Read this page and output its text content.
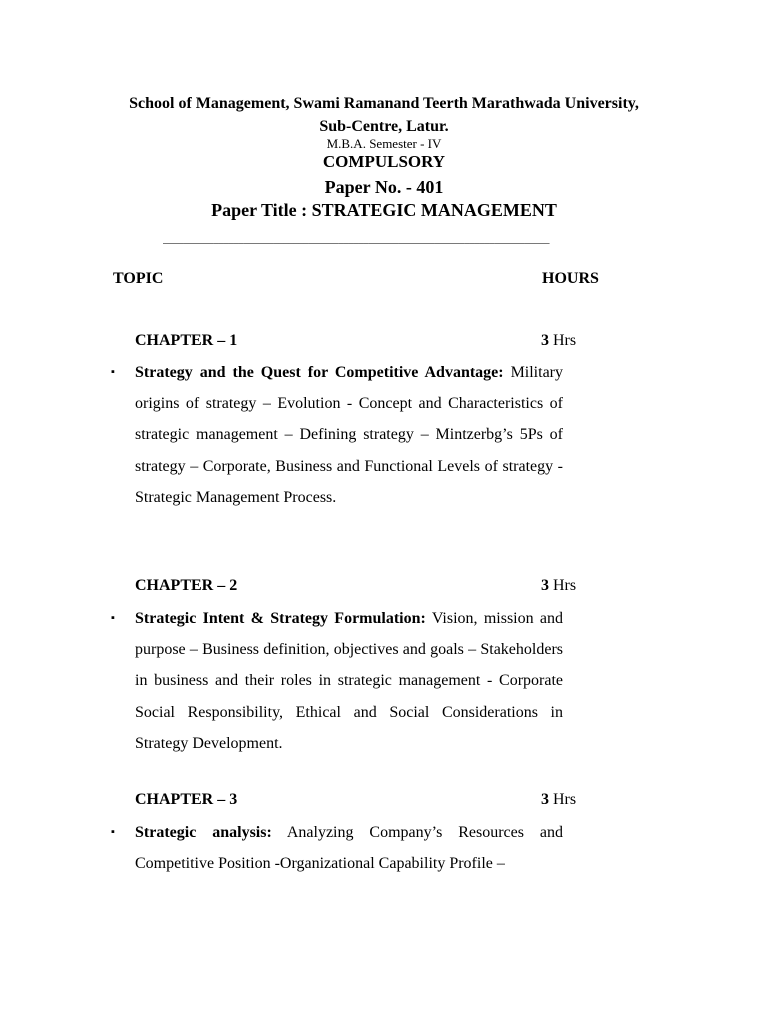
School of Management, Swami Ramanand Teerth Marathwada University,
Sub-Centre, Latur.
M.B.A. Semester - IV
COMPULSORY
Paper No. - 401
Paper Title : STRATEGIC MANAGEMENT
_____________________________________________________________________________
TOPIC	HOURS
CHAPTER – 1	3 Hrs
▪ Strategy and the Quest for Competitive Advantage: Military origins of strategy – Evolution - Concept and Characteristics of strategic management – Defining strategy – Mintzerbg’s 5Ps of strategy – Corporate, Business and Functional Levels of strategy - Strategic Management Process.
CHAPTER – 2	3 Hrs
▪ Strategic Intent & Strategy Formulation: Vision, mission and purpose – Business definition, objectives and goals – Stakeholders in business and their roles in strategic management - Corporate Social Responsibility, Ethical and Social Considerations in Strategy Development.
CHAPTER – 3	3 Hrs
▪ Strategic analysis: Analyzing Company’s Resources and Competitive Position -Organizational Capability Profile –
